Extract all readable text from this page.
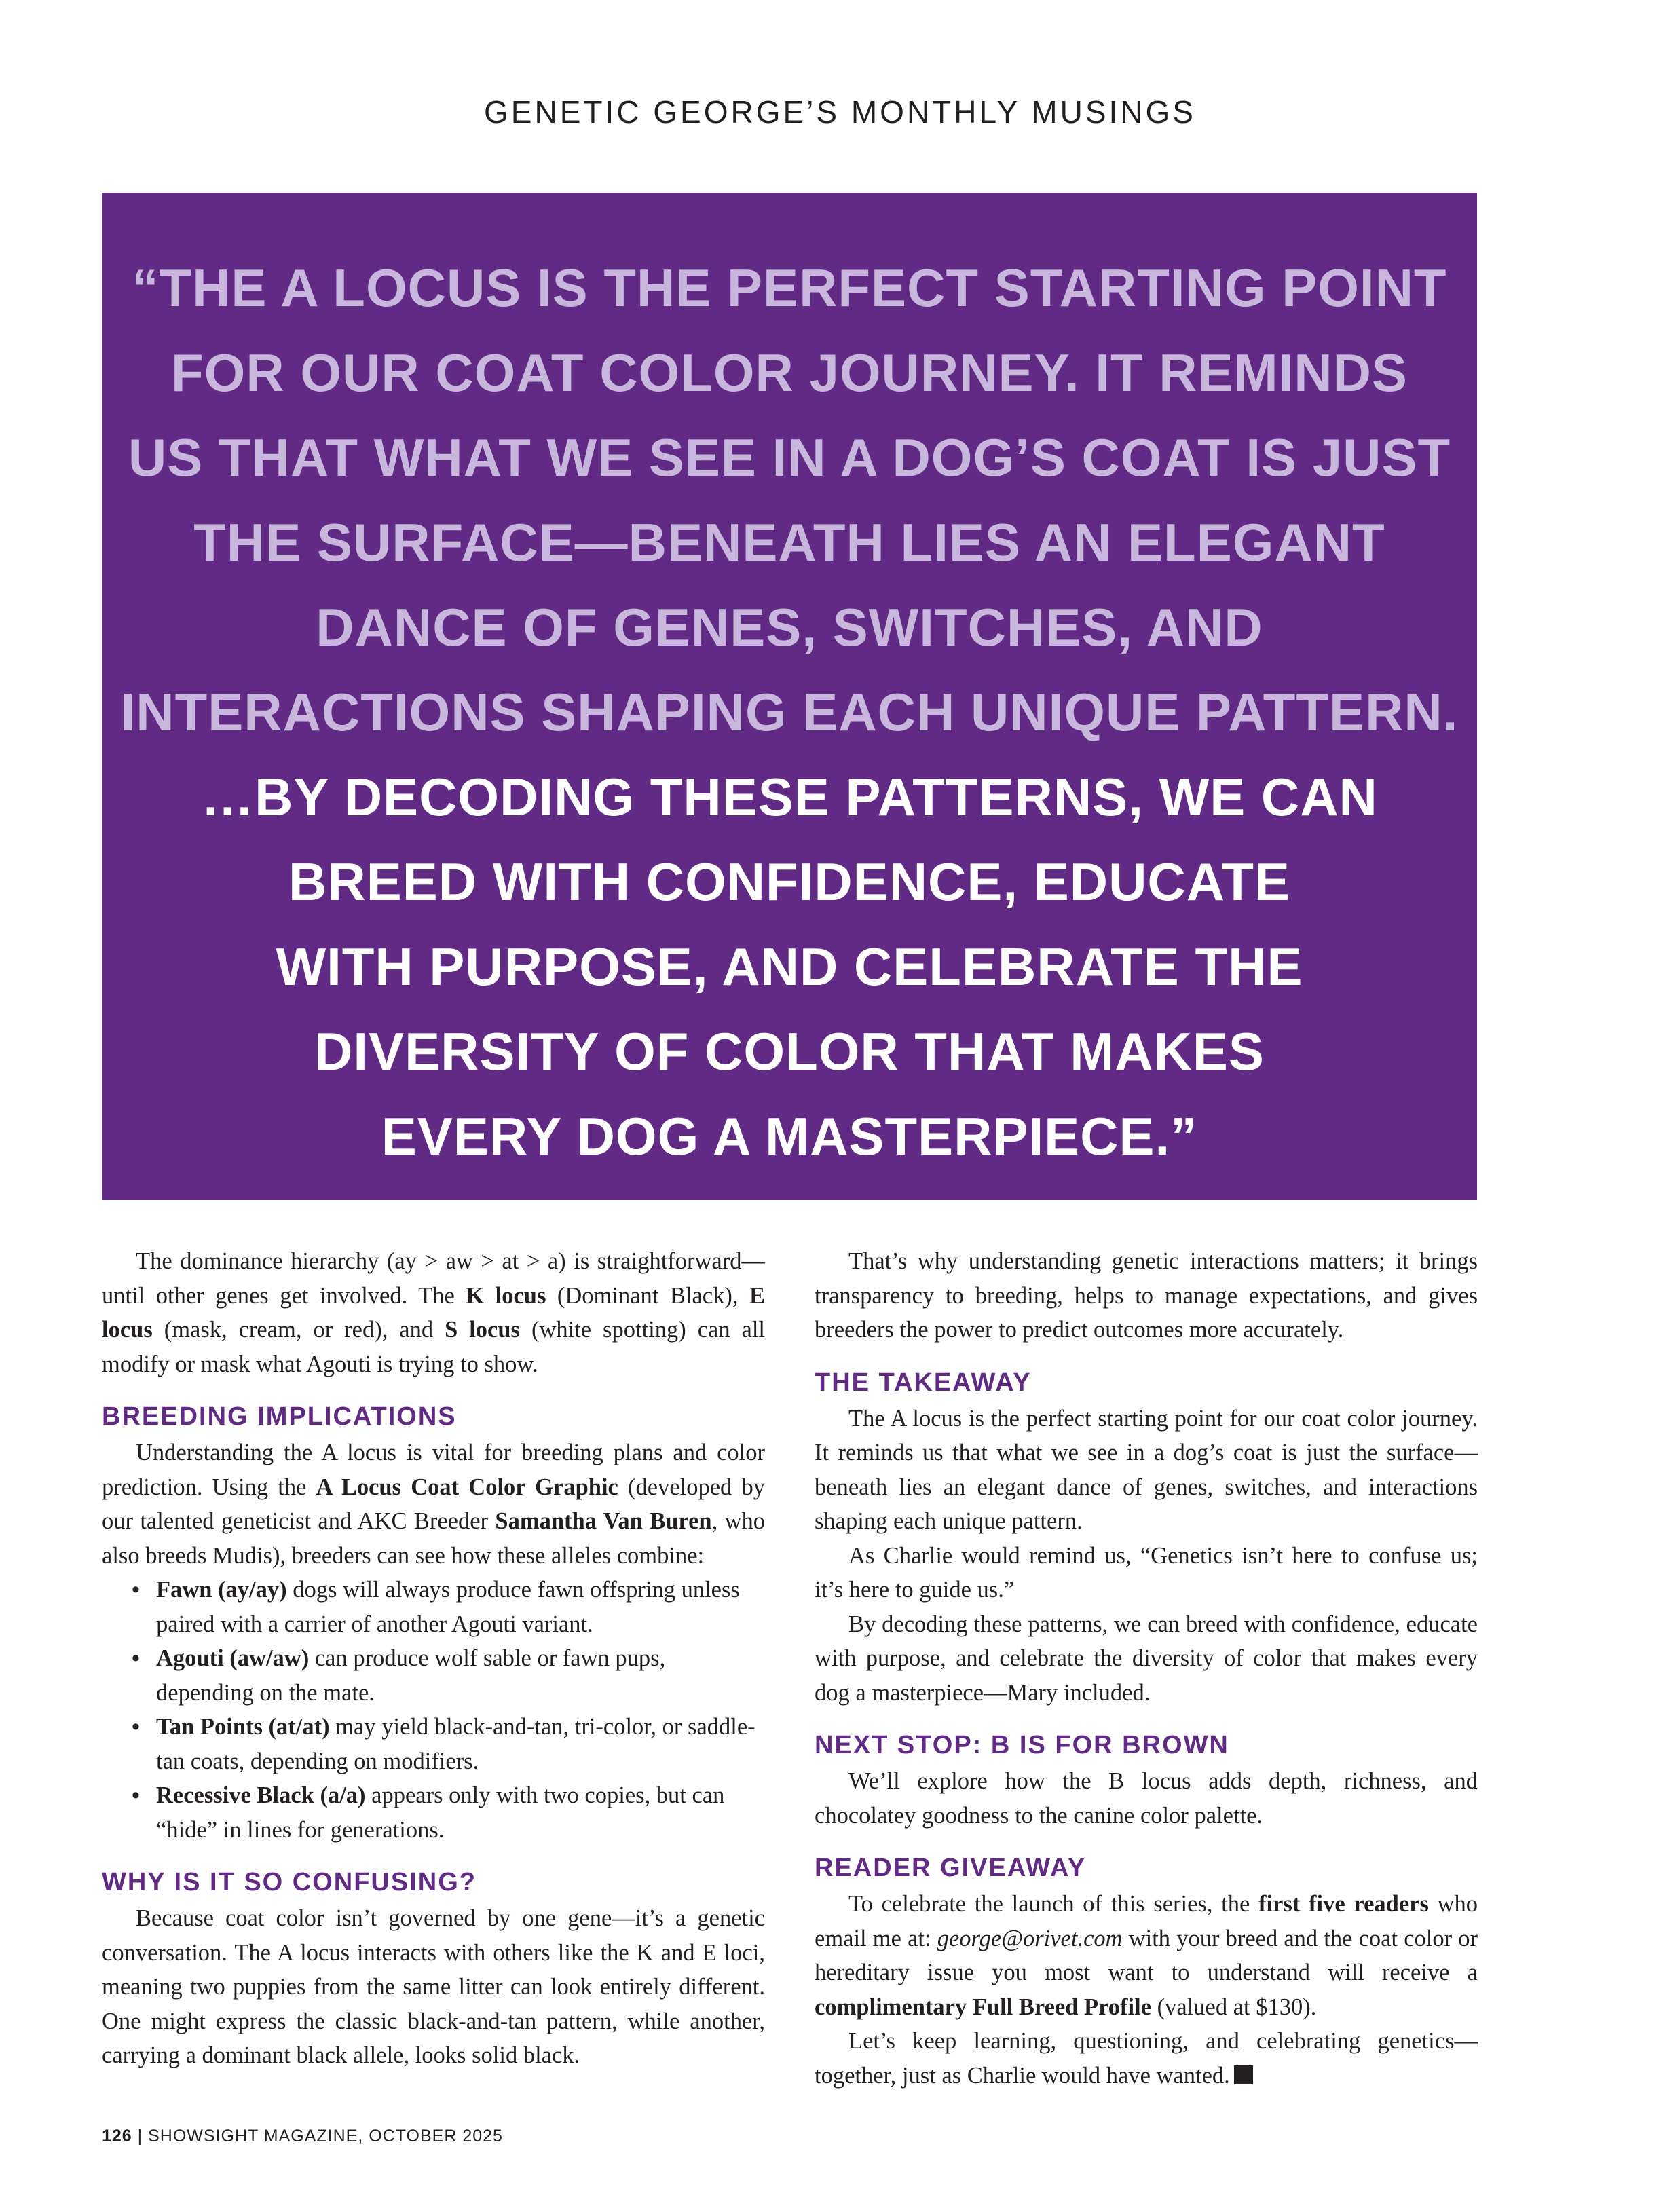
GENETIC GEORGE’S MONTHLY MUSINGS
“THE A LOCUS IS THE PERFECT STARTING POINT
FOR OUR COAT COLOR JOURNEY. IT REMINDS
US THAT WHAT WE SEE IN A DOG’S COAT IS JUST
THE SURFACE—BENEATH LIES AN ELEGANT
DANCE OF GENES, SWITCHES, AND
INTERACTIONS SHAPING EACH UNIQUE PATTERN.
…BY DECODING THESE PATTERNS, WE CAN
BREED WITH CONFIDENCE, EDUCATE
WITH PURPOSE, AND CELEBRATE THE
DIVERSITY OF COLOR THAT MAKES
EVERY DOG A MASTERPIECE.”

The dominance hierarchy (ay > aw > at > a) is straightforward—until other genes get involved. The K locus (Dominant Black), E locus (mask, cream, or red), and S locus (white spotting) can all modify or mask what Agouti is trying to show.

BREEDING IMPLICATIONS

Understanding the A locus is vital for breeding plans and color prediction. Using the A Locus Coat Color Graphic (developed by our talented geneticist and AKC Breeder Samantha Van Buren, who also breeds Mudis), breeders can see how these alleles combine:

• Fawn (ay/ay) dogs will always produce fawn offspring unless paired with a carrier of another Agouti variant.
• Agouti (aw/aw) can produce wolf sable or fawn pups, depending on the mate.
• Tan Points (at/at) may yield black-and-tan, tri-color, or saddle-tan coats, depending on modifiers.
• Recessive Black (a/a) appears only with two copies, but can “hide” in lines for generations.
WHY IS IT SO CONFUSING?

Because coat color isn’t governed by one gene—it’s a genetic conversation. The A locus interacts with others like the K and E loci, meaning two puppies from the same litter can look entirely different. One might express the classic black-and-tan pattern, while another, carrying a dominant black allele, looks solid black.

That’s why understanding genetic interactions matters; it brings transparency to breeding, helps to manage expectations, and gives breeders the power to predict outcomes more accurately.

THE TAKEAWAY

The A locus is the perfect starting point for our coat color journey. It reminds us that what we see in a dog’s coat is just the surface—beneath lies an elegant dance of genes, switches, and interactions shaping each unique pattern.

As Charlie would remind us, “Genetics isn’t here to confuse us; it’s here to guide us.”

By decoding these patterns, we can breed with confidence, educate with purpose, and celebrate the diversity of color that makes every dog a masterpiece—Mary included.

NEXT STOP: B IS FOR BROWN

We’ll explore how the B locus adds depth, richness, and chocolatey goodness to the canine color palette.

READER GIVEAWAY

To celebrate the launch of this series, the first five readers who email me at: george@orivet.com with your breed and the coat color or hereditary issue you most want to understand will receive a complimentary Full Breed Profile (valued at $130).

Let’s keep learning, questioning, and celebrating genetics—together, just as Charlie would have wanted.

126 | SHOWSIGHT MAGAZINE, OCTOBER 2025
